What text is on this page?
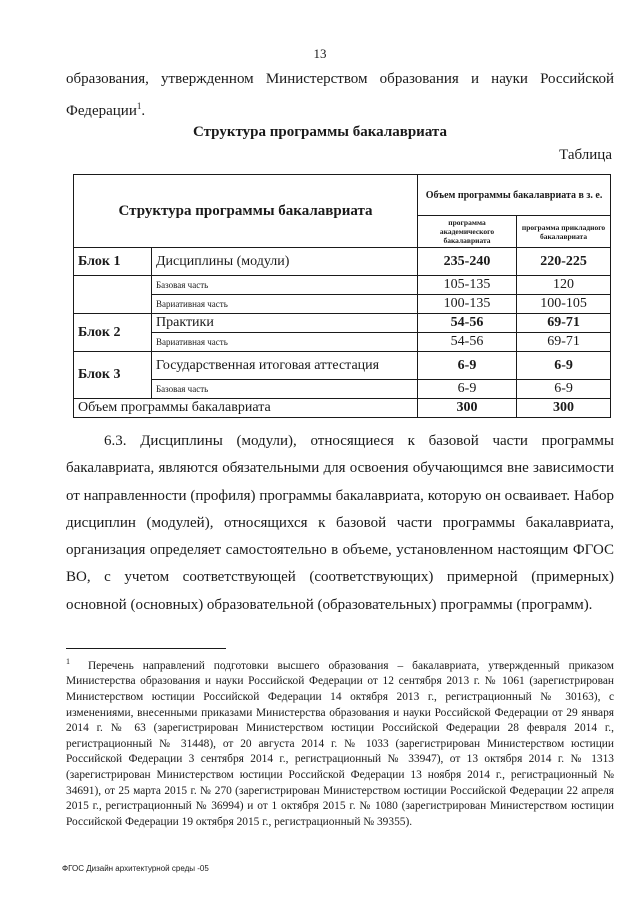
13
образования, утвержденном Министерством образования и науки Российской Федерации$^1$.
Структура программы бакалавриата
Таблица
Структура программы бакалавриата		Объем программы бакалавриата в з. е.	
		программа академического бакалавриата	программа прикладного бакалавриата
Блок 1	Дисциплины (модули)	235-240	220-225
	Базовая часть	105-135	120
	Вариативная часть	100-135	100-105
Блок 2	Практики	54-56	69-71
	Вариативная часть	54-56	69-71
Блок 3	Государственная итоговая аттестация	6-9	6-9
	Базовая часть	6-9	6-9
Объем программы бакалавриата		300	300

6.3. Дисциплины (модули), относящиеся к базовой части программы бакалавриата, являются обязательными для освоения обучающимся вне зависимости от направленности (профиля) программы бакалавриата, которую он осваивает. Набор дисциплин (модулей), относящихся к базовой части программы бакалавриата, организация определяет самостоятельно в объеме, установленном настоящим ФГОС ВО, с учетом соответствующей (соответствующих) примерной (примерных) основной (основных) образовательной (образовательных) программы (программ).

$^1$ Перечень направлений подготовки высшего образования – бакалавриата, утвержденный приказом Министерства образования и науки Российской Федерации от 12 сентября 2013 г. № 1061 (зарегистрирован Министерством юстиции Российской Федерации 14 октября 2013 г., регистрационный № 30163), с изменениями, внесенными приказами Министерства образования и науки Российской Федерации от 29 января 2014 г. № 63 (зарегистрирован Министерством юстиции Российской Федерации 28 февраля 2014 г., регистрационный № 31448), от 20 августа 2014 г. № 1033 (зарегистрирован Министерством юстиции Российской Федерации 3 сентября 2014 г., регистрационный № 33947), от 13 октября 2014 г. № 1313 (зарегистрирован Министерством юстиции Российской Федерации 13 ноября 2014 г., регистрационный № 34691), от 25 марта 2015 г. № 270 (зарегистрирован Министерством юстиции Российской Федерации 22 апреля 2015 г., регистрационный № 36994) и от 1 октября 2015 г. № 1080 (зарегистрирован Министерством юстиции Российской Федерации 19 октября 2015 г., регистрационный № 39355).

ФГОС Дизайн архитектурной среды -05
